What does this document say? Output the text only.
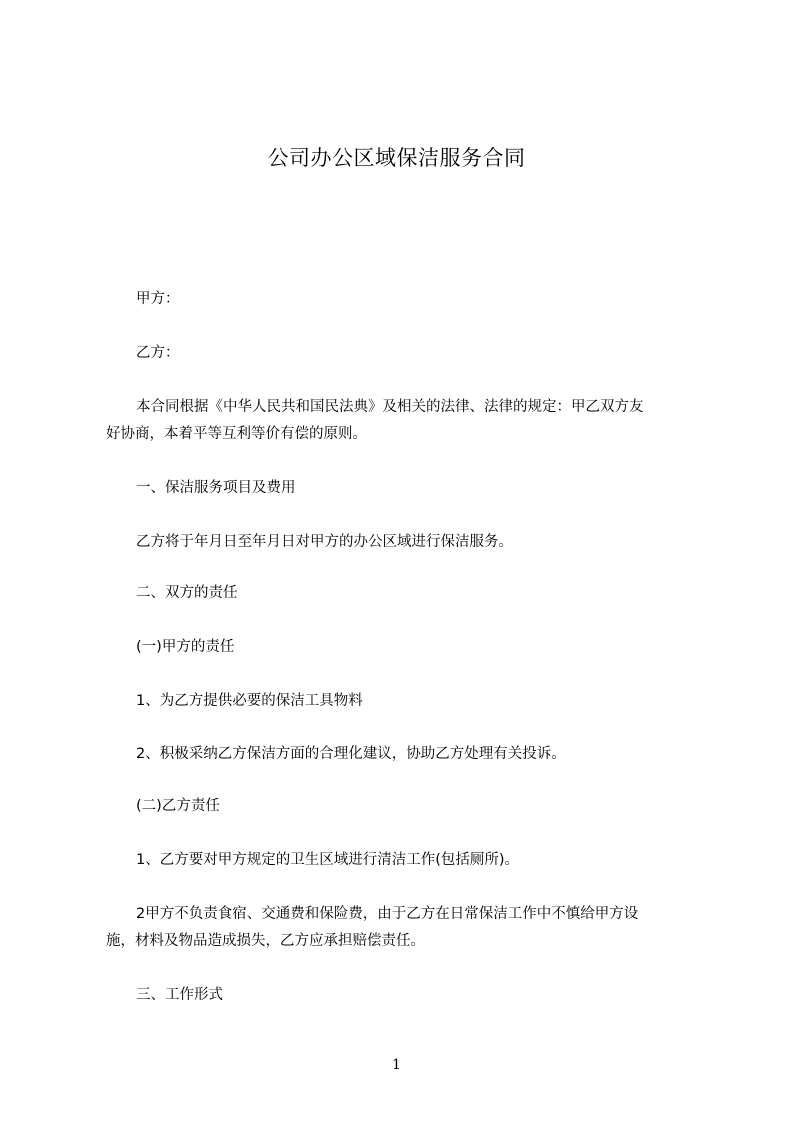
公司办公区域保洁服务合同

甲方：

乙方：

本合同根据《中华人民共和国民法典》及相关的法律、法律的规定：甲乙双方友

好协商，本着平等互利等价有偿的原则。

一、保洁服务项目及费用

乙方将于年月日至年月日对甲方的办公区域进行保洁服务。

二、双方的责任

(一)甲方的责任

1、为乙方提供必要的保洁工具物料

2、积极采纳乙方保洁方面的合理化建议，协助乙方处理有关投诉。

(二)乙方责任

1、乙方要对甲方规定的卫生区域进行清洁工作(包括厕所)。

2甲方不负责食宿、交通费和保险费，由于乙方在日常保洁工作中不慎给甲方设

施，材料及物品造成损失，乙方应承担赔偿责任。

三、工作形式

1
